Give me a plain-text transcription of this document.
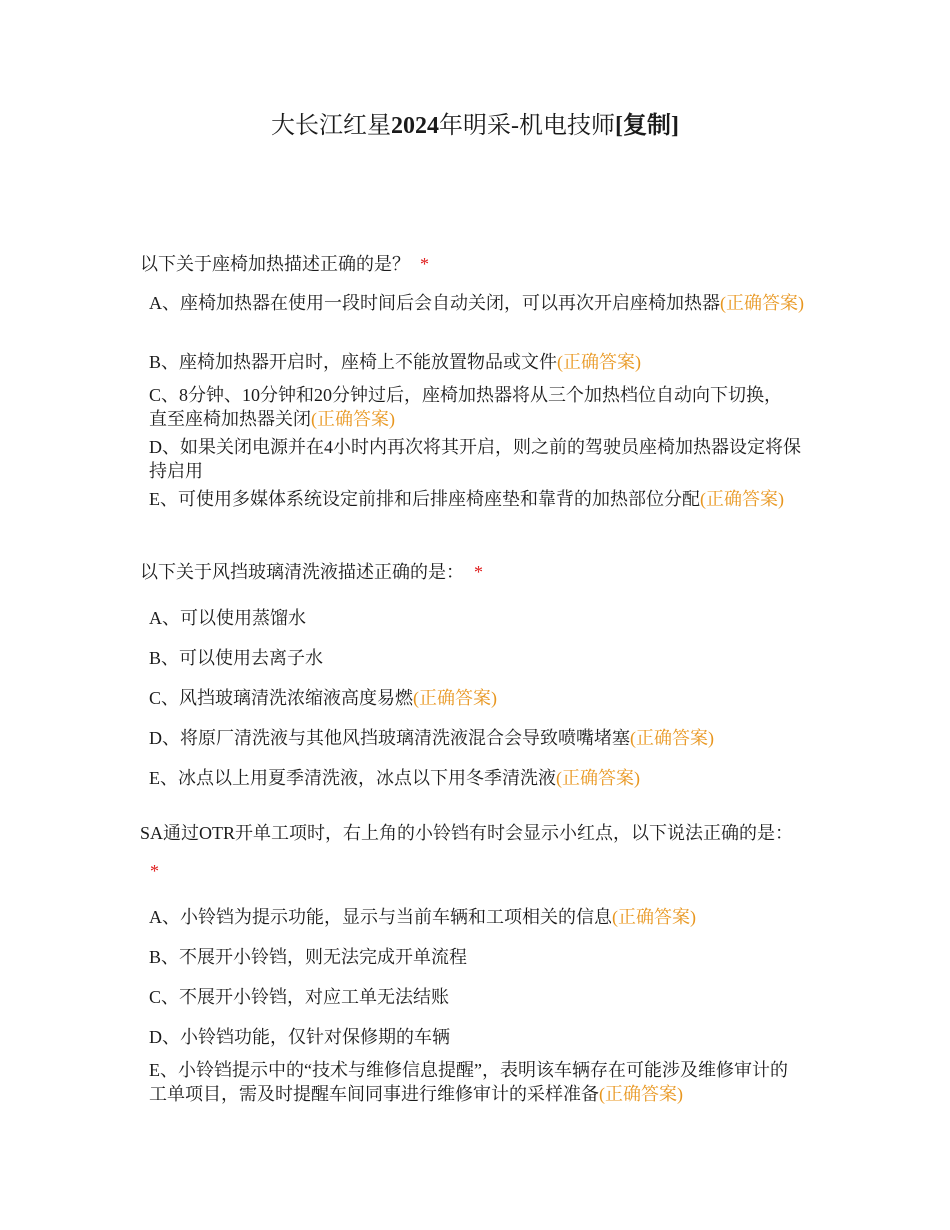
大长江红星2024年明采-机电技师[复制]
以下关于座椅加热描述正确的是？ *
A、座椅加热器在使用一段时间后会自动关闭，可以再次开启座椅加热器(正确答案)
B、座椅加热器开启时，座椅上不能放置物品或文件(正确答案)
C、8分钟、10分钟和20分钟过后，座椅加热器将从三个加热档位自动向下切换，直至座椅加热器关闭(正确答案)
D、如果关闭电源并在4小时内再次将其开启，则之前的驾驶员座椅加热器设定将保持启用
E、可使用多媒体系统设定前排和后排座椅座垫和靠背的加热部位分配(正确答案)
以下关于风挡玻璃清洗液描述正确的是： *
A、可以使用蒸馏水
B、可以使用去离子水
C、风挡玻璃清洗浓缩液高度易燃(正确答案)
D、将原厂清洗液与其他风挡玻璃清洗液混合会导致喷嘴堵塞(正确答案)
E、冰点以上用夏季清洗液，冰点以下用冬季清洗液(正确答案)
SA通过OTR开单工项时，右上角的小铃铛有时会显示小红点，以下说法正确的是：*
A、小铃铛为提示功能，显示与当前车辆和工项相关的信息(正确答案)
B、不展开小铃铛，则无法完成开单流程
C、不展开小铃铛，对应工单无法结账
D、小铃铛功能，仅针对保修期的车辆
E、小铃铛提示中的“技术与维修信息提醒”，表明该车辆存在可能涉及维修审计的工单项目，需及时提醒车间同事进行维修审计的采样准备(正确答案)
